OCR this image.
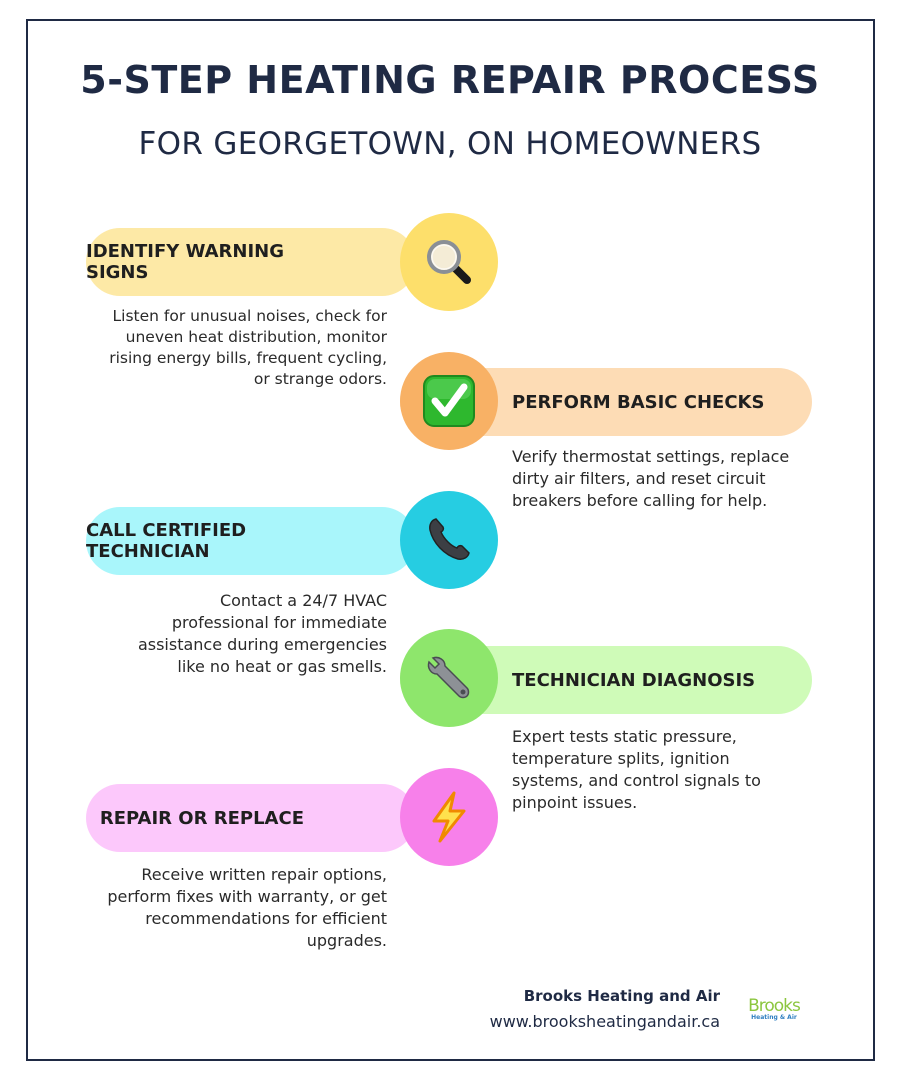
5-STEP HEATING REPAIR PROCESS
FOR GEORGETOWN, ON HOMEOWNERS
IDENTIFY WARNING SIGNS
Listen for unusual noises, check for uneven heat distribution, monitor rising energy bills, frequent cycling, or strange odors.
PERFORM BASIC CHECKS
Verify thermostat settings, replace dirty air filters, and reset circuit breakers before calling for help.
CALL CERTIFIED TECHNICIAN
Contact a 24/7 HVAC professional for immediate assistance during emergencies like no heat or gas smells.
TECHNICIAN DIAGNOSIS
Expert tests static pressure, temperature splits, ignition systems, and control signals to pinpoint issues.
REPAIR OR REPLACE
Receive written repair options, perform fixes with warranty, or get recommendations for efficient upgrades.
Brooks Heating and Air
www.brooksheatingandair.ca
Brooks
Heating & Air
